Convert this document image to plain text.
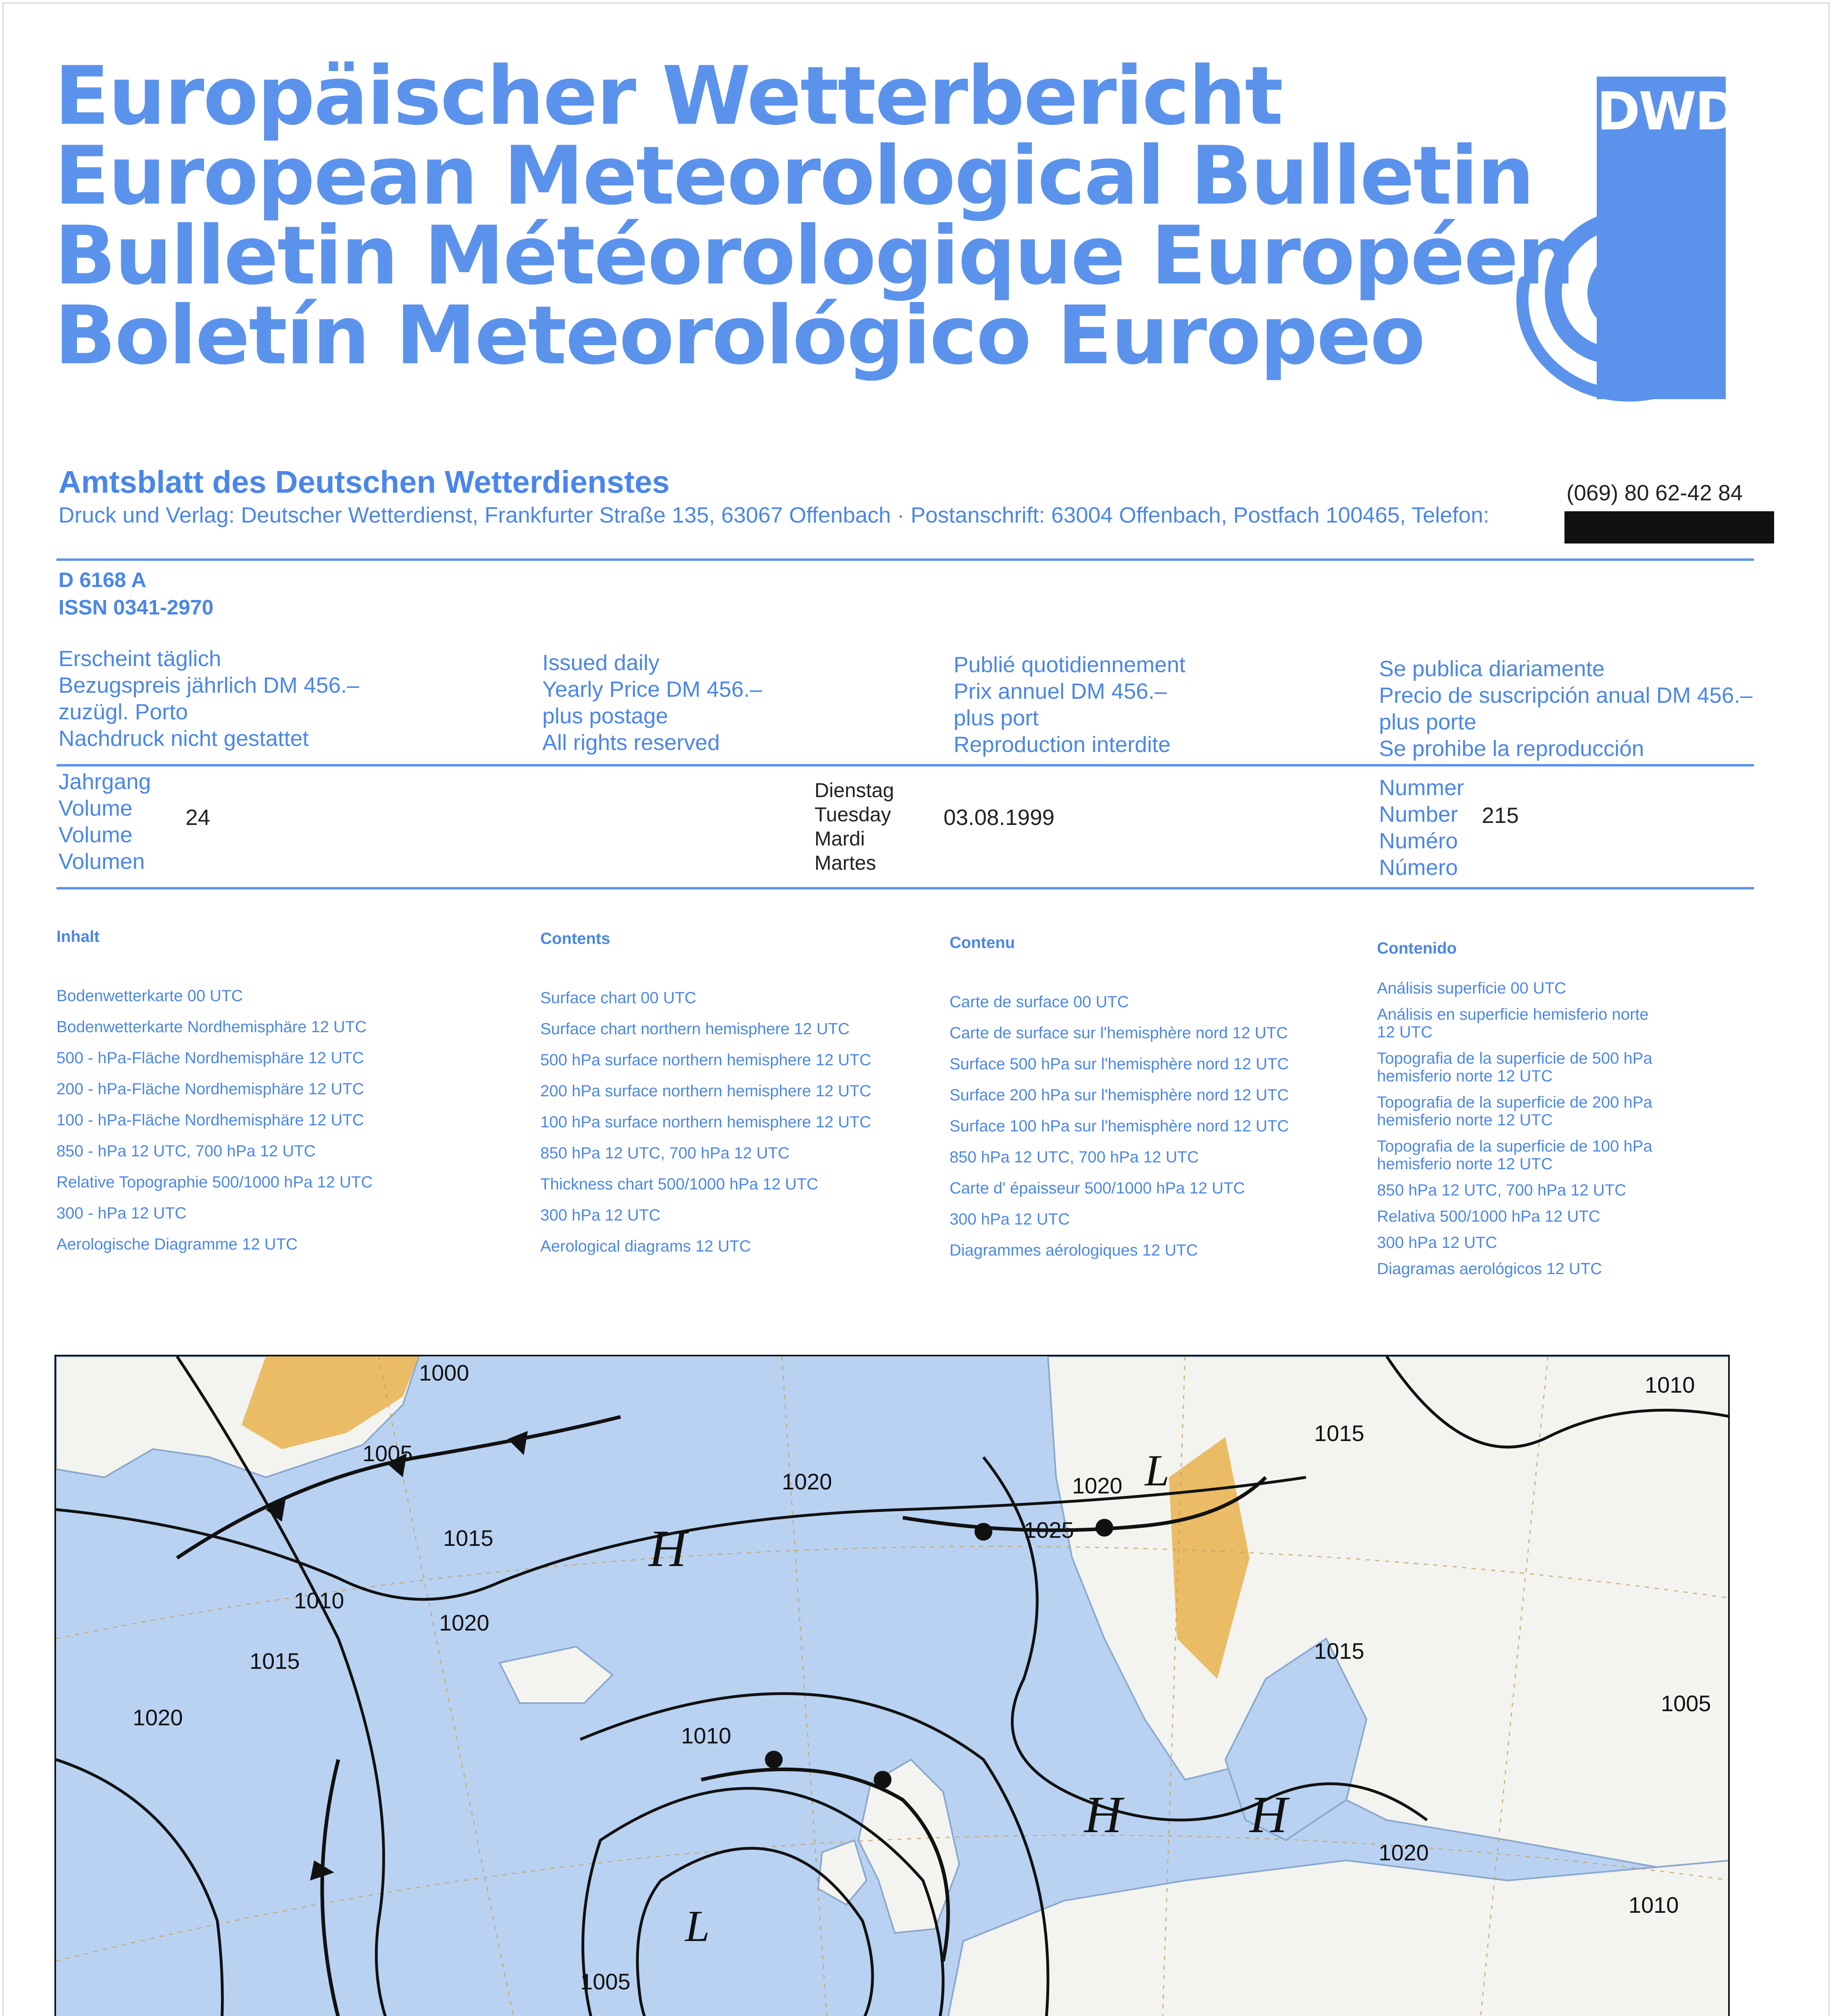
Europäischer Wetterbericht
European Meteorological Bulletin
Bulletin Météorologique Européen
Boletín Meteorológico Europeo
DWD
Amtsblatt des Deutschen Wetterdienstes
Druck und Verlag: Deutscher Wetterdienst, Frankfurter Straße 135, 63067 Offenbach · Postanschrift: 63004 Offenbach, Postfach 100465, Telefon:
(069) 80 62-42 84
D 6168 A
ISSN 0341-2970
Erscheint täglich
Bezugspreis jährlich DM 456.–
zuzügl. Porto
Nachdruck nicht gestattet
Issued daily
Yearly Price DM 456.–
plus postage
All rights reserved
Publié quotidiennement
Prix annuel DM 456.–
plus port
Reproduction interdite
Se publica diariamente
Precio de suscripción anual DM 456.–
plus porte
Se prohibe la reproducción
Jahrgang
Volume
Volume
Volumen
24
Dienstag
Tuesday
Mardi
Martes
03.08.1999
Nummer
Number
Numéro
Número
215
Inhalt
Bodenwetterkarte 00 UTC
Bodenwetterkarte Nordhemisphäre 12 UTC
500 - hPa-Fläche Nordhemisphäre 12 UTC
200 - hPa-Fläche Nordhemisphäre 12 UTC
100 - hPa-Fläche Nordhemisphäre 12 UTC
850 - hPa 12 UTC, 700 hPa 12 UTC
Relative Topographie 500/1000 hPa 12 UTC
300 - hPa 12 UTC
Aerologische Diagramme 12 UTC
Contents
Surface chart 00 UTC
Surface chart northern hemisphere 12 UTC
500 hPa surface northern hemisphere 12 UTC
200 hPa surface northern hemisphere 12 UTC
100 hPa surface northern hemisphere 12 UTC
850 hPa 12 UTC, 700 hPa 12 UTC
Thickness chart 500/1000 hPa 12 UTC
300 hPa 12 UTC
Aerological diagrams 12 UTC
Contenu
Carte de surface 00 UTC
Carte de surface sur l'hemisphère nord 12 UTC
Surface 500 hPa sur l'hemisphère nord 12 UTC
Surface 200 hPa sur l'hemisphère nord 12 UTC
Surface 100 hPa sur l'hemisphère nord 12 UTC
850 hPa 12 UTC, 700 hPa 12 UTC
Carte d' épaisseur 500/1000 hPa 12 UTC
300 hPa 12 UTC
Diagrammes aérologiques 12 UTC
Contenido
Análisis superficie 00 UTC
Análisis en superficie hemisferio norte 12 UTC
Topografia de la superficie de 500 hPa hemisferio norte 12 UTC
Topografia de la superficie de 200 hPa hemisferio norte 12 UTC
Topografia de la superficie de 100 hPa hemisferio norte 12 UTC
850 hPa 12 UTC, 700 hPa 12 UTC
Relativa 500/1000 hPa 12 UTC
300 hPa 12 UTC
Diagramas aerológicos 12 UTC
H
H H
L
L
1000
1005
1010
1015
1020
1020
1015
1010
1005
1020	1020
1025
1015
1010
1015
1020
1010
1005
